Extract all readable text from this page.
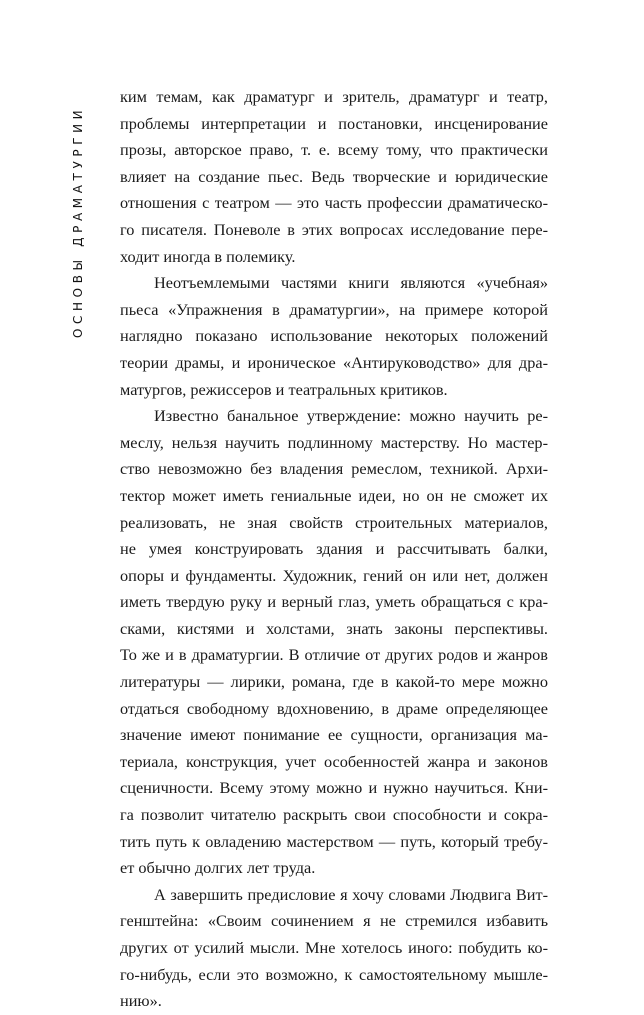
ОСНОВЫ ДРАМАТУРГИИ

ким темам, как драматург и зритель, драматург и театр,
проблемы интерпретации и постановки, инсценирование
прозы, авторское право, т. е. всему тому, что практически
влияет на создание пьес. Ведь творческие и юридические
отношения с театром — это часть профессии драматическо-
го писателя. Поневоле в этих вопросах исследование пере-
ходит иногда в полемику.

Неотъемлемыми частями книги являются «учебная»
пьеса «Упражнения в драматургии», на примере которой
наглядно показано использование некоторых положений
теории драмы, и ироническое «Антируководство» для дра-
матургов, режиссеров и театральных критиков.

Известно банальное утверждение: можно научить ре-
меслу, нельзя научить подлинному мастерству. Но мастер-
ство невозможно без владения ремеслом, техникой. Архи-
тектор может иметь гениальные идеи, но он не сможет их
реализовать, не зная свойств строительных материалов,
не умея конструировать здания и рассчитывать балки,
опоры и фундаменты. Художник, гений он или нет, должен
иметь твердую руку и верный глаз, уметь обращаться с кра-
сками, кистями и холстами, знать законы перспективы.
То же и в драматургии. В отличие от других родов и жанров
литературы — лирики, романа, где в какой-то мере можно
отдаться свободному вдохновению, в драме определяющее
значение имеют понимание ее сущности, организация ма-
териала, конструкция, учет особенностей жанра и законов
сценичности. Всему этому можно и нужно научиться. Кни-
га позволит читателю раскрыть свои способности и сокра-
тить путь к овладению мастерством — путь, который требу-
ет обычно долгих лет труда.

А завершить предисловие я хочу словами Людвига Вит-
генштейна: «Своим сочинением я не стремился избавить
других от усилий мысли. Мне хотелось иного: побудить ко-
го-нибудь, если это возможно, к самостоятельному мышле-
нию».
